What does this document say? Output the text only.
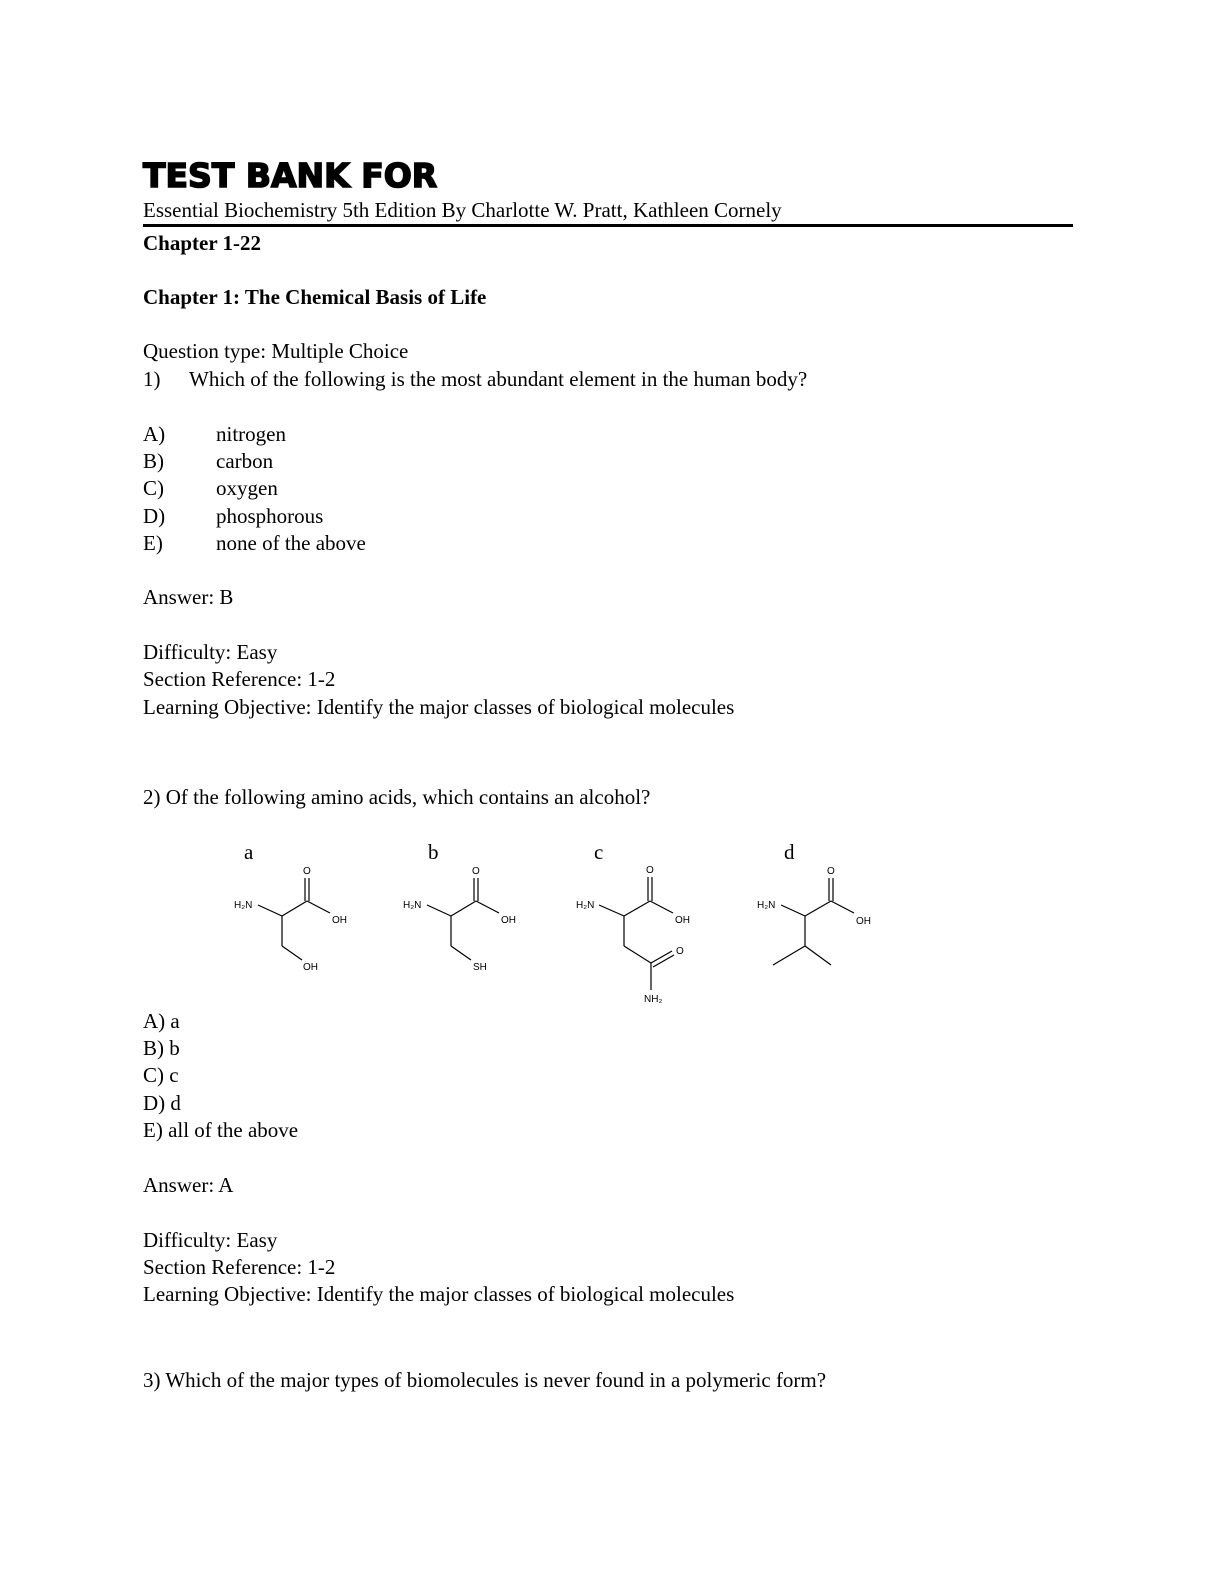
TEST BANK FOR
Essential Biochemistry 5th Edition By Charlotte W. Pratt, Kathleen Cornely
Chapter 1-22
Chapter 1: The Chemical Basis of Life
Question type: Multiple Choice
1) Which of the following is the most abundant element in the human body?
A) nitrogen
B) carbon
C) oxygen
D) phosphorous
E)	none of the above
Answer: B
Difficulty: Easy
Section Reference: 1-2
Learning Objective: Identify the major classes of biological molecules
2) Of the following amino acids, which contains an alcohol?
a	b	c	d
H₂N
O
OH
OH
H₂N
O
OH
SH
H₂N
O
OH
O
NH₂
H₂N
O
OH
A) a
B) b
C) c
D) d
E) all of the above
Answer: A
Difficulty: Easy
Section Reference: 1-2
Learning Objective: Identify the major classes of biological molecules
3) Which of the major types of biomolecules is never found in a polymeric form?
